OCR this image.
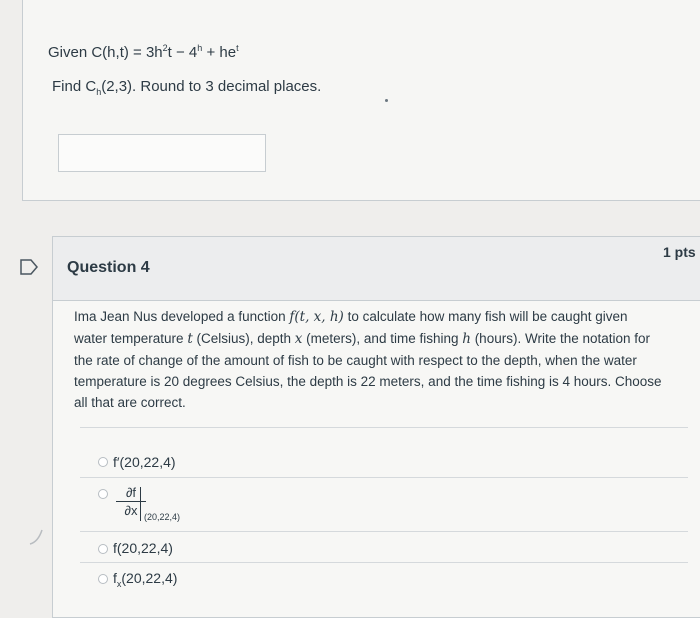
Given $C(h,t) = 3h^2t - 4^h + he^t$
Find $C_h(2,3)$. Round to 3 decimal places.
Question 4
1 pts
Ima Jean Nus developed a function f(t, x, h) to calculate how many fish will be caught given
water temperature t (Celsius), depth x (meters), and time fishing h (hours). Write the notation for
the rate of change of the amount of fish to be caught with respect to the depth, when the water
temperature is 20 degrees Celsius, the depth is 22 meters, and the time fishing is 4 hours. Choose
all that are correct.
f′(20,22,4)
∂f
∂x (20,22,4)
f(20,22,4)
$f_x(20,22,4)$
